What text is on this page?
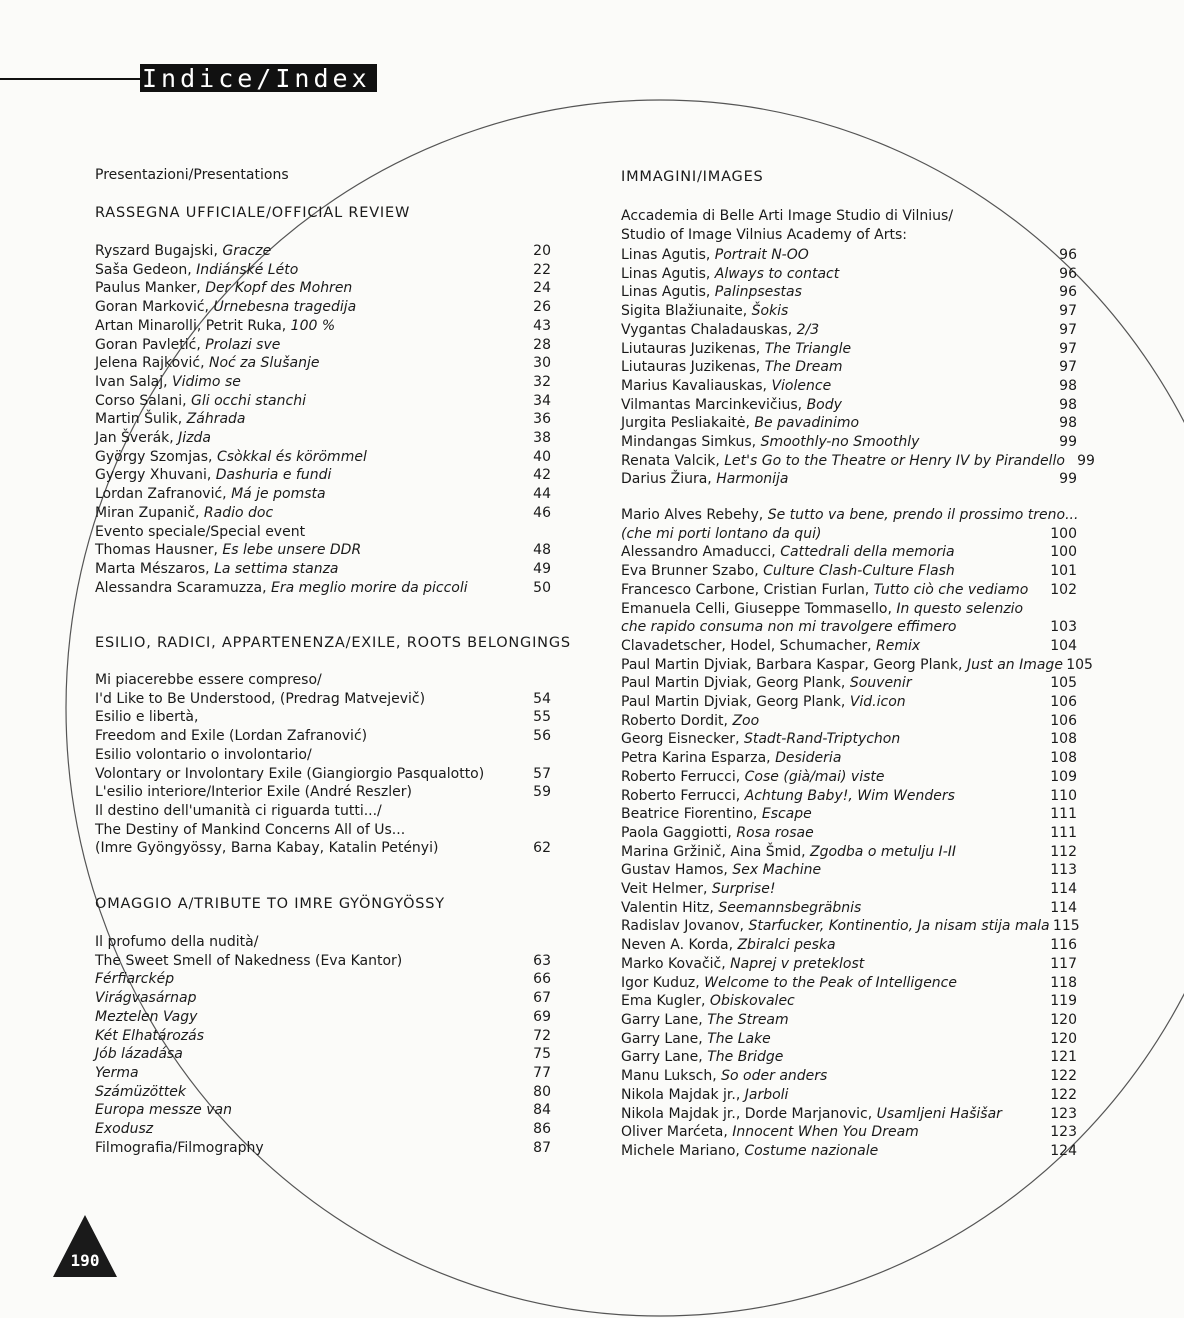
Indice/Index
Presentazioni/Presentations
RASSEGNA UFFICIALE/OFFICIAL REVIEW
Ryszard Bugajski, Gracze	20
Saša Gedeon, Indiánské Léto	22
Paulus Manker, Der Kopf des Mohren	24
Goran Marković, Urnebesna tragedija	26
Artan Minarolli, Petrit Ruka, 100 %	43
Goran Pavletić, Prolazi sve	28
Jelena Rajković, Noć za Slušanje	30
Ivan Salaj, Vidimo se	32
Corso Salani, Gli occhi stanchi	34
Martin Šulik, Záhrada	36
Jan Šverák, Jizda	38
György Szomjas, Csòkkal és körömmel	40
Gyergy Xhuvani, Dashuria e fundi	42
Lordan Zafranović, Má je pomsta	44
Miran Zupanič, Radio doc	46
Evento speciale/Special event
Thomas Hausner, Es lebe unsere DDR	48
Marta Mészaros, La settima stanza	49
Alessandra Scaramuzza, Era meglio morire da piccoli	50
ESILIO, RADICI, APPARTENENZA/EXILE, ROOTS BELONGINGS
Mi piacerebbe essere compreso/
I'd Like to Be Understood, (Predrag Matvejevič)	54
Esilio e libertà,	55
Freedom and Exile (Lordan Zafranović)	56
Esilio volontario o involontario/
Volontary or Involontary Exile (Giangiorgio Pasqualotto)	57
L'esilio interiore/Interior Exile (André Reszler)	59
Il destino dell'umanità ci riguarda tutti.../
The Destiny of Mankind Concerns All of Us...
(Imre Gyöngyössy, Barna Kabay, Katalin Petényi)	62
OMAGGIO A/TRIBUTE TO IMRE GYÖNGYÖSSY
Il profumo della nudità/
The Sweet Smell of Nakedness (Eva Kantor)	63
Férfiarckép	66
Virágvasárnap	67
Meztelen Vagy	69
Két Elhatározás	72
Jób lázadása	75
Yerma	77
Számüzöttek	80
Europa messze van	84
Exodusz	86
Filmografia/Filmography	87
IMMAGINI/IMAGES
Accademia di Belle Arti Image Studio di Vilnius/
Studio of Image Vilnius Academy of Arts:
Linas Agutis, Portrait N-OO	96
Linas Agutis, Always to contact	96
Linas Agutis, Palinpsestas	96
Sigita Blažiunaite, Šokis	97
Vygantas Chaladauskas, 2/3	97
Liutauras Juzikenas, The Triangle	97
Liutauras Juzikenas, The Dream	97
Marius Kavaliauskas, Violence	98
Vilmantas Marcinkevičius, Body	98
Jurgita Pesliakaitė, Be pavadinimo	98
Mindangas Simkus, Smoothly-no Smoothly	99
Renata Valcik, Let's Go to the Theatre or Henry IV by Pirandello 99
Darius Žiura, Harmonija	99
Mario Alves Rebehy, Se tutto va bene, prendo il prossimo treno...
(che mi porti lontano da qui)	100
Alessandro Amaducci, Cattedrali della memoria	100
Eva Brunner Szabo, Culture Clash-Culture Flash	101
Francesco Carbone, Cristian Furlan, Tutto ciò che vediamo 102
Emanuela Celli, Giuseppe Tommasello, In questo selenzio
che rapido consuma non mi travolgere effimero	103
Clavadetscher, Hodel, Schumacher, Remix	104
Paul Martin Djviak, Barbara Kaspar, Georg Plank, Just an Image 105
Paul Martin Djviak, Georg Plank, Souvenir	105
Paul Martin Djviak, Georg Plank, Vid.icon	106
Roberto Dordit, Zoo	106
Georg Eisnecker, Stadt-Rand-Triptychon	108
Petra Karina Esparza, Desideria	108
Roberto Ferrucci, Cose (già/mai) viste	109
Roberto Ferrucci, Achtung Baby!, Wim Wenders	110
Beatrice Fiorentino, Escape	111
Paola Gaggiotti, Rosa rosae	111
Marina Gržinič, Aina Šmid, Zgodba o metulju I-II	112
Gustav Hamos, Sex Machine	113
Veit Helmer, Surprise!	114
Valentin Hitz, Seemannsbegräbnis	114
Radislav Jovanov, Starfucker, Kontinentio, Ja nisam stija mala 115
Neven A. Korda, Zbiralci peska	116
Marko Kovačič, Naprej v preteklost	117
Igor Kuduz, Welcome to the Peak of Intelligence	118
Ema Kugler, Obiskovalec	119
Garry Lane, The Stream	120
Garry Lane, The Lake	120
Garry Lane, The Bridge	121
Manu Luksch, So oder anders	122
Nikola Majdak jr., Jarboli	122
Nikola Majdak jr., Dorde Marjanovic, Usamljeni Hašišar	123
Oliver Marćeta, Innocent When You Dream	123
Michele Mariano, Costume nazionale	124
190
